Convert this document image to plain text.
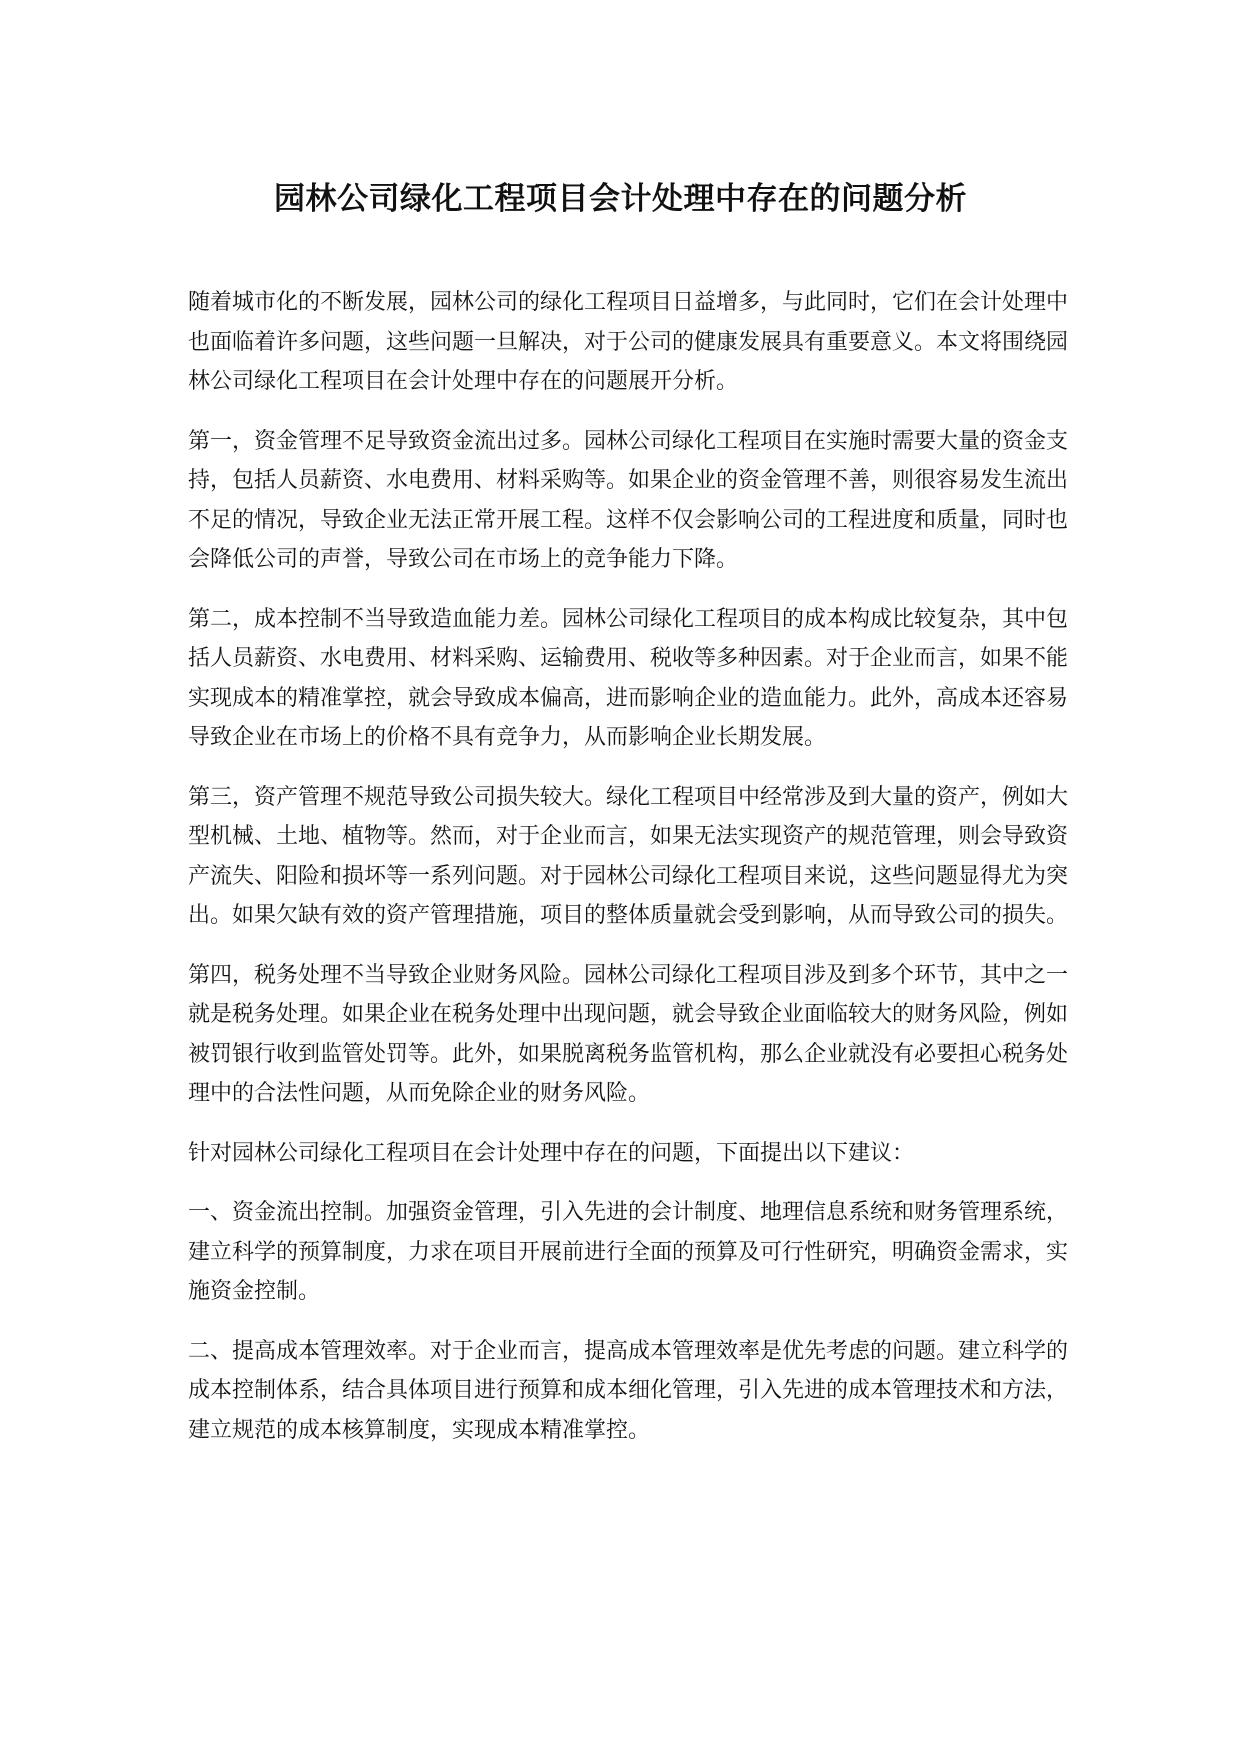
园林公司绿化工程项目会计处理中存在的问题分析

随着城市化的不断发展，园林公司的绿化工程项目日益增多，与此同时，它们在会计处理中也面临着许多问题，这些问题一旦解决，对于公司的健康发展具有重要意义。本文将围绕园林公司绿化工程项目在会计处理中存在的问题展开分析。

第一，资金管理不足导致资金流出过多。园林公司绿化工程项目在实施时需要大量的资金支持，包括人员薪资、水电费用、材料采购等。如果企业的资金管理不善，则很容易发生流出不足的情况，导致企业无法正常开展工程。这样不仅会影响公司的工程进度和质量，同时也会降低公司的声誉，导致公司在市场上的竞争能力下降。

第二，成本控制不当导致造血能力差。园林公司绿化工程项目的成本构成比较复杂，其中包括人员薪资、水电费用、材料采购、运输费用、税收等多种因素。对于企业而言，如果不能实现成本的精准掌控，就会导致成本偏高，进而影响企业的造血能力。此外，高成本还容易导致企业在市场上的价格不具有竞争力，从而影响企业长期发展。

第三，资产管理不规范导致公司损失较大。绿化工程项目中经常涉及到大量的资产，例如大型机械、土地、植物等。然而，对于企业而言，如果无法实现资产的规范管理，则会导致资产流失、阳险和损坏等一系列问题。对于园林公司绿化工程项目来说，这些问题显得尤为突出。如果欠缺有效的资产管理措施，项目的整体质量就会受到影响，从而导致公司的损失。

第四，税务处理不当导致企业财务风险。园林公司绿化工程项目涉及到多个环节，其中之一就是税务处理。如果企业在税务处理中出现问题，就会导致企业面临较大的财务风险，例如被罚银行收到监管处罚等。此外，如果脱离税务监管机构，那么企业就没有必要担心税务处理中的合法性问题，从而免除企业的财务风险。

针对园林公司绿化工程项目在会计处理中存在的问题，下面提出以下建议：

一、资金流出控制。加强资金管理，引入先进的会计制度、地理信息系统和财务管理系统，建立科学的预算制度，力求在项目开展前进行全面的预算及可行性研究，明确资金需求，实施资金控制。

二、提高成本管理效率。对于企业而言，提高成本管理效率是优先考虑的问题。建立科学的成本控制体系，结合具体项目进行预算和成本细化管理，引入先进的成本管理技术和方法，建立规范的成本核算制度，实现成本精准掌控。
